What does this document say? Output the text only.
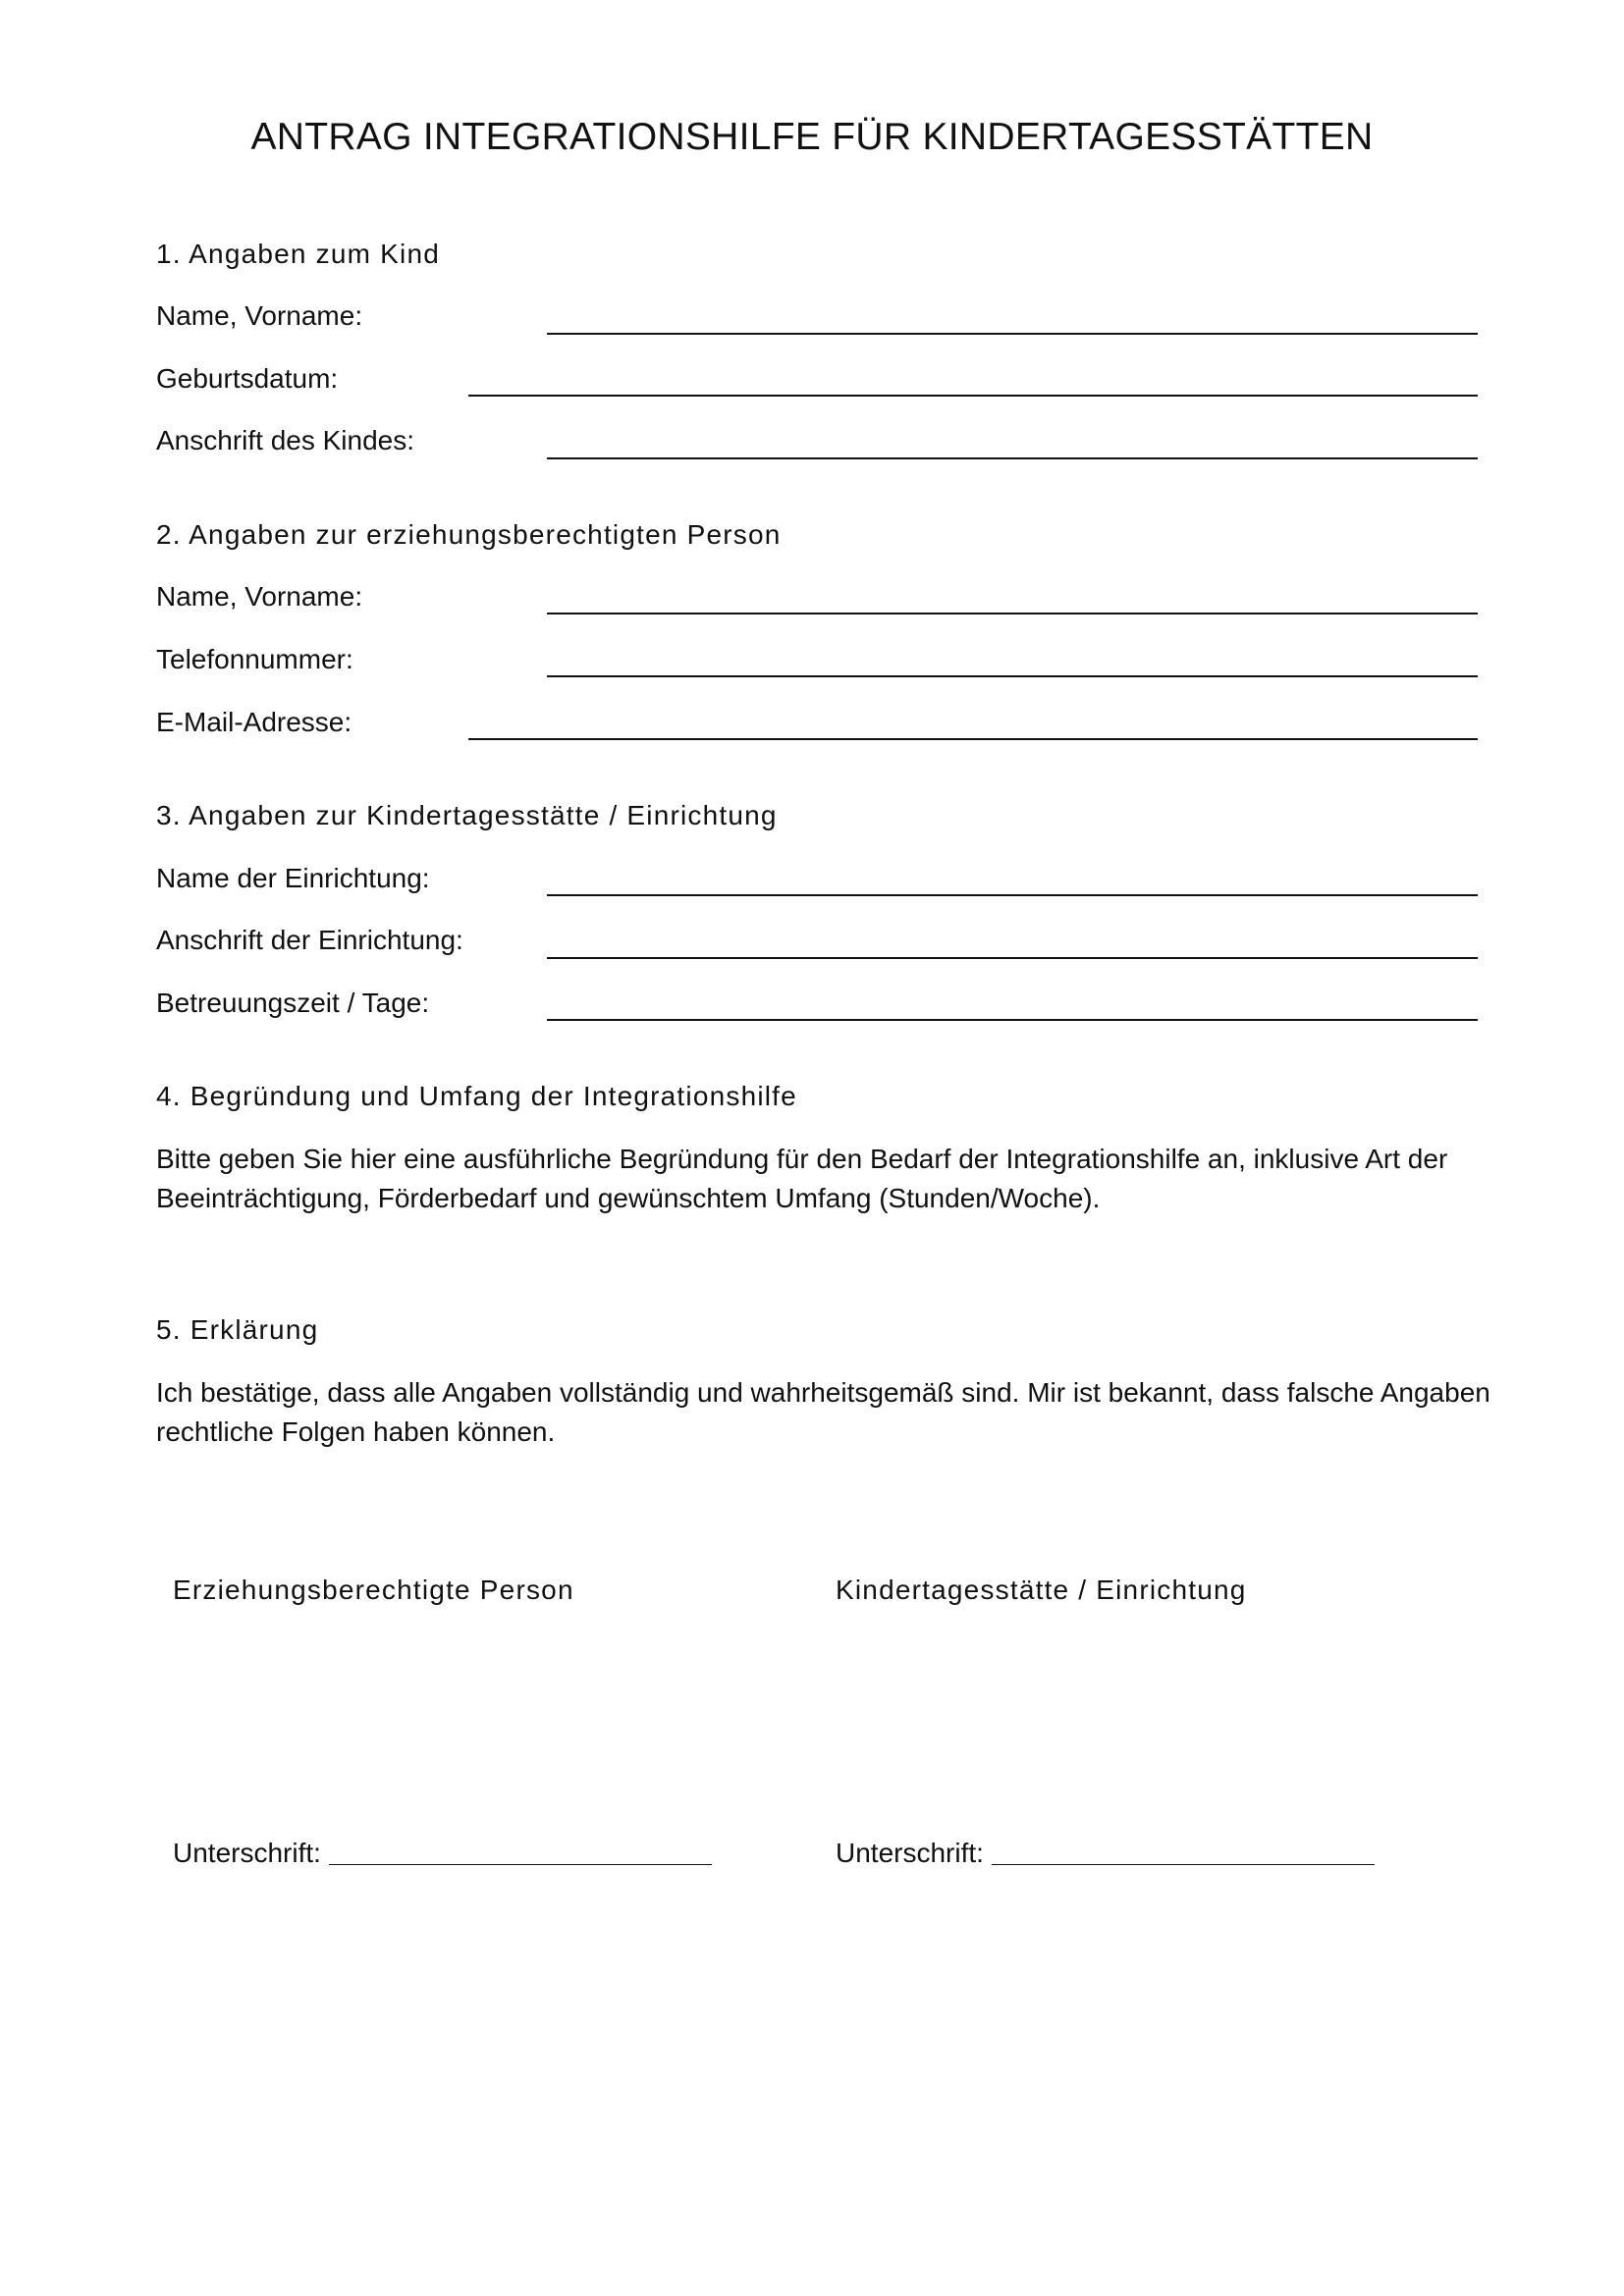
ANTRAG INTEGRATIONSHILFE FÜR KINDERTAGESSTÄTTEN
1. Angaben zum Kind
Name, Vorname:
Geburtsdatum:
Anschrift des Kindes:
2. Angaben zur erziehungsberechtigten Person
Name, Vorname:
Telefonnummer:
E-Mail-Adresse:
3. Angaben zur Kindertagesstätte / Einrichtung
Name der Einrichtung:
Anschrift der Einrichtung:
Betreuungszeit / Tage:
4. Begründung und Umfang der Integrationshilfe
Bitte geben Sie hier eine ausführliche Begründung für den Bedarf der Integrationshilfe an, inklusive Art der Beeinträchtigung, Förderbedarf und gewünschtem Umfang (Stunden/Woche).
5. Erklärung
Ich bestätige, dass alle Angaben vollständig und wahrheitsgemäß sind. Mir ist bekannt, dass falsche Angaben rechtliche Folgen haben können.
Erziehungsberechtigte Person	Kindertagesstätte / Einrichtung
Unterschrift:	Unterschrift:
